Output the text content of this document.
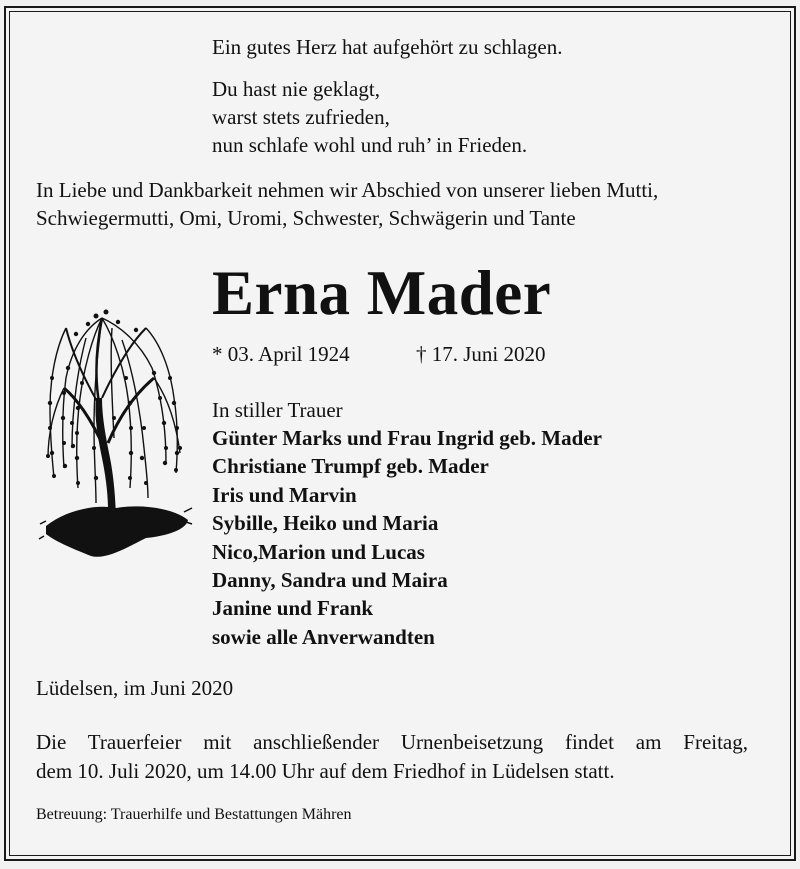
Ein gutes Herz hat aufgehört zu schlagen.
Du hast nie geklagt,
warst stets zufrieden,
nun schlafe wohl und ruh’ in Frieden.
In Liebe und Dankbarkeit nehmen wir Abschied von unserer lieben Mutti,
Schwiegermutti, Omi, Uromi, Schwester, Schwägerin und Tante
Erna Mader
* 03. April 1924	† 17. Juni 2020
In stiller Trauer
Günter Marks und Frau Ingrid geb. Mader
Christiane Trumpf geb. Mader
Iris und Marvin
Sybille, Heiko und Maria
Nico,Marion und Lucas
Danny, Sandra und Maira
Janine und Frank
sowie alle Anverwandten
Lüdelsen, im Juni 2020
Die Trauerfeier mit anschließender Urnenbeisetzung findet am Freitag,
dem 10. Juli 2020, um 14.00 Uhr auf dem Friedhof in Lüdelsen statt.
Betreuung: Trauerhilfe und Bestattungen Mähren
